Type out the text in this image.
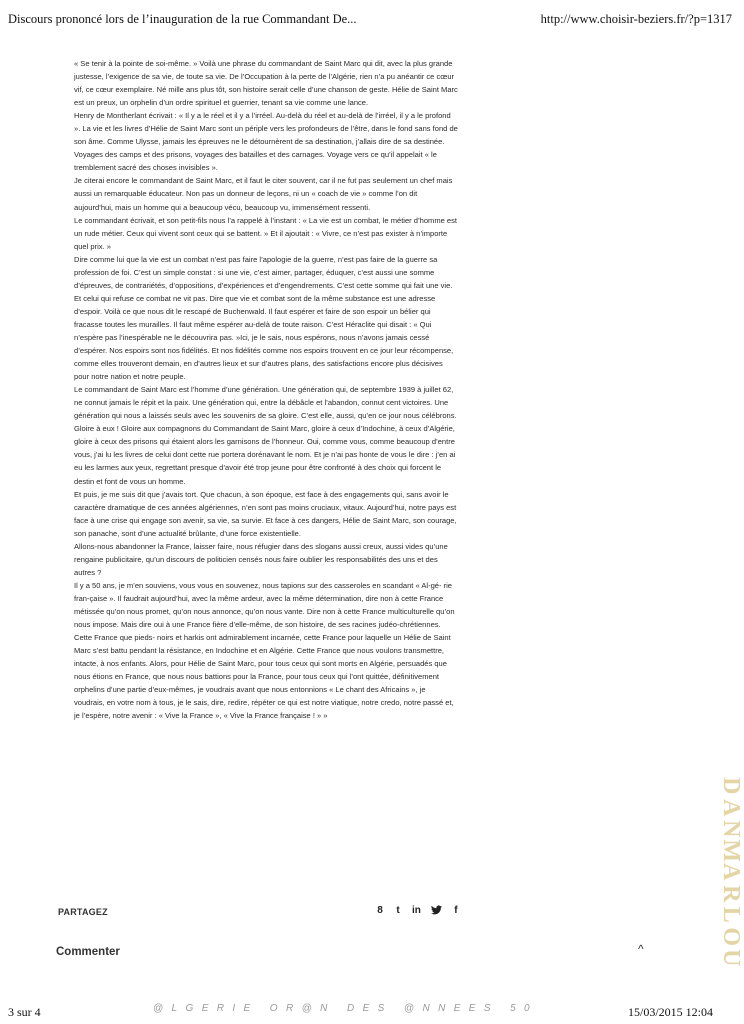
Discours prononcé lors de l’inauguration de la rue Commandant De...	http://www.choisir-beziers.fr/?p=1317

« Se tenir à la pointe de soi-même. » Voilà une phrase du commandant de Saint Marc qui dit, avec la plus grande justesse, l’exigence de sa vie, de toute sa vie. De l’Occupation à la perte de l’Algérie, rien n’a pu anéantir ce cœur vif, ce cœur exemplaire. Né mille ans plus tôt, son histoire serait celle d’une chanson de geste. Hélie de Saint Marc est un preux, un orphelin d’un ordre spirituel et guerrier, tenant sa vie comme une lance.

Henry de Montherlant écrivait : « Il y a le réel et il y a l’irréel. Au-delà du réel et au-delà de l’irréel, il y a le profond ». La vie et les livres d’Hélie de Saint Marc sont un périple vers les profondeurs de l’être, dans le fond sans fond de son âme. Comme Ulysse, jamais les épreuves ne le détournèrent de sa destination, j’allais dire de sa destinée. Voyages des camps et des prisons, voyages des batailles et des carnages. Voyage vers ce qu’il appelait « le tremblement sacré des choses invisibles ».

Je citerai encore le commandant de Saint Marc, et il faut le citer souvent, car il ne fut pas seulement un chef mais aussi un remarquable éducateur. Non pas un donneur de leçons, ni un « coach de vie » comme l’on dit aujourd’hui, mais un homme qui a beaucoup vécu, beaucoup vu, immensément ressenti.

Le commandant écrivait, et son petit-fils nous l’a rappelé à l’instant : « La vie est un combat, le métier d’homme est un rude métier. Ceux qui vivent sont ceux qui se battent. » Et il ajoutait : « Vivre, ce n’est pas exister à n’importe quel prix. »

Dire comme lui que la vie est un combat n’est pas faire l’apologie de la guerre, n’est pas faire de la guerre sa profession de foi. C’est un simple constat : si une vie, c’est aimer, partager, éduquer, c’est aussi une somme d’épreuves, de contrariétés, d’oppositions, d’expériences et d’engendrements. C’est cette somme qui fait une vie. Et celui qui refuse ce combat ne vit pas. Dire que vie et combat sont de la même substance est une adresse d’espoir. Voilà ce que nous dit le rescapé de Buchenwald. Il faut espérer et faire de son espoir un bélier qui fracasse toutes les murailles. Il faut même espérer au-delà de toute raison. C’est Héraclite qui disait : « Qui n’espère pas l’inespérable ne le découvrira pas. »Ici, je le sais, nous espérons, nous n’avons jamais cessé d’espérer. Nos espoirs sont nos fidélités. Et nos fidélités comme nos espoirs trouvent en ce jour leur récompense, comme elles trouveront demain, en d’autres lieux et sur d’autres plans, des satisfactions encore plus décisives pour notre nation et notre peuple.

Le commandant de Saint Marc est l’homme d’une génération. Une génération qui, de septembre 1939 à juillet 62, ne connut jamais le répit et la paix. Une génération qui, entre la débâcle et l’abandon, connut cent victoires. Une génération qui nous a laissés seuls avec les souvenirs de sa gloire. C’est elle, aussi, qu’en ce jour nous célébrons. Gloire à eux ! Gloire aux compagnons du Commandant de Saint Marc, gloire à ceux d’Indochine, à ceux d’Algérie, gloire à ceux des prisons qui étaient alors les garnisons de l’honneur. Oui, comme vous, comme beaucoup d’entre vous, j’ai lu les livres de celui dont cette rue portera dorénavant le nom. Et je n’ai pas honte de vous le dire : j’en ai eu les larmes aux yeux, regrettant presque d’avoir été trop jeune pour être confronté à des choix qui forcent le destin et font de vous un homme.

Et puis, je me suis dit que j’avais tort. Que chacun, à son époque, est face à des engagements qui, sans avoir le caractère dramatique de ces années algériennes, n’en sont pas moins cruciaux, vitaux. Aujourd’hui, notre pays est face à une crise qui engage son avenir, sa vie, sa survie. Et face à ces dangers, Hélie de Saint Marc, son courage, son panache, sont d’une actualité brûlante, d’une force existentielle.

Allons-nous abandonner la France, laisser faire, nous réfugier dans des slogans aussi creux, aussi vides qu’une rengaine publicitaire, qu’un discours de politicien censés nous faire oublier les responsabilités des uns et des autres ?

Il y a 50 ans, je m’en souviens, vous vous en souvenez, nous tapions sur des casseroles en scandant « Al-gé- rie fran-çaise ». Il faudrait aujourd’hui, avec la même ardeur, avec la même détermination, dire non à cette France métissée qu’on nous promet, qu’on nous annonce, qu’on nous vante. Dire non à cette France multiculturelle qu’on nous impose. Mais dire oui à une France fière d’elle-même, de son histoire, de ses racines judéo-chrétiennes. Cette France que pieds- noirs et harkis ont admirablement incarnée, cette France pour laquelle un Hélie de Saint Marc s’est battu pendant la résistance, en Indochine et en Algérie. Cette France que nous voulons transmettre, intacte, à nos enfants. Alors, pour Hélie de Saint Marc, pour tous ceux qui sont morts en Algérie, persuadés que nous étions en France, que nous nous battions pour la France, pour tous ceux qui l’ont quittée, définitivement orphelins d’une partie d’eux-mêmes, je voudrais avant que nous entonnions « Le chant des Africains », je voudrais, en votre nom à tous, je le sais, dire, redire, répéter ce qui est notre viatique, notre credo, notre passé et, je l’espère, notre avenir : « Vive la France », « Vive la France française ! » »

PARTAGEZ	8 t in	f
Commenter	^
D
A
N
M
A
R
L
O
U
3 sur 4	@LGERIE OR@N DES @NNEES 50	15/03/2015 12:04
